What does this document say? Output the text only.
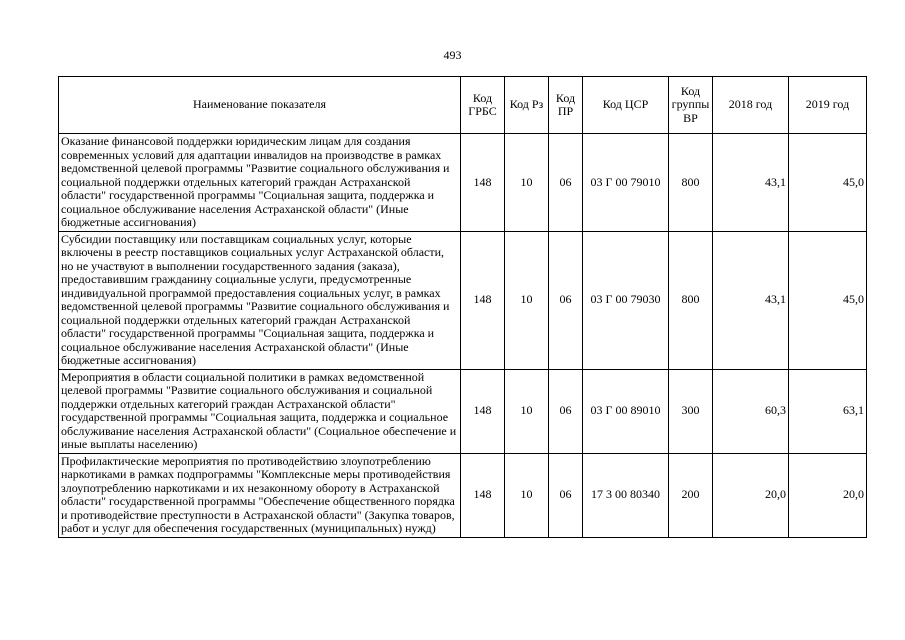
493
Наименование показателя	Код ГРБС	Код Рз	Код ПР	Код ЦСР	Код группы ВР	2018 год	2019 год
Оказание финансовой поддержки юридическим лицам для создания современных условий для адаптации инвалидов на производстве в рамках ведомственной целевой программы "Развитие социального обслуживания и социальной поддержки отдельных категорий граждан Астраханской области" государственной программы "Социальная защита, поддержка и социальное обслуживание населения Астраханской области" (Иные бюджетные ассигнования)	148	10	06	03 Г 00 79010	800	43,1	45,0
Субсидии поставщику или поставщикам социальных услуг, которые включены в реестр поставщиков социальных услуг Астраханской области, но не участвуют в выполнении государственного задания (заказа), предоставившим гражданину социальные услуги, предусмотренные индивидуальной программой предоставления социальных услуг, в рамках ведомственной целевой программы "Развитие социального обслуживания и социальной поддержки отдельных категорий граждан Астраханской области" государственной программы "Социальная защита, поддержка и социальное обслуживание населения Астраханской области" (Иные бюджетные ассигнования)	148	10	06	03 Г 00 79030	800	43,1	45,0
Мероприятия в области социальной политики в рамках ведомственной целевой программы "Развитие социального обслуживания и социальной поддержки отдельных категорий граждан Астраханской области" государственной программы "Социальная защита, поддержка и социальное обслуживание населения Астраханской области" (Социальное обеспечение и иные выплаты населению)	148	10	06	03 Г 00 89010	300	60,3	63,1
Профилактические мероприятия по противодействию злоупотреблению наркотиками в рамках подпрограммы "Комплексные меры противодействия злоупотреблению наркотиками и их незаконному обороту в Астраханской области" государственной программы "Обеспечение общественного порядка и противодействие преступности в Астраханской области" (Закупка товаров, работ и услуг для обеспечения государственных (муниципальных) нужд)	148	10	06	17 3 00 80340	200	20,0	20,0
